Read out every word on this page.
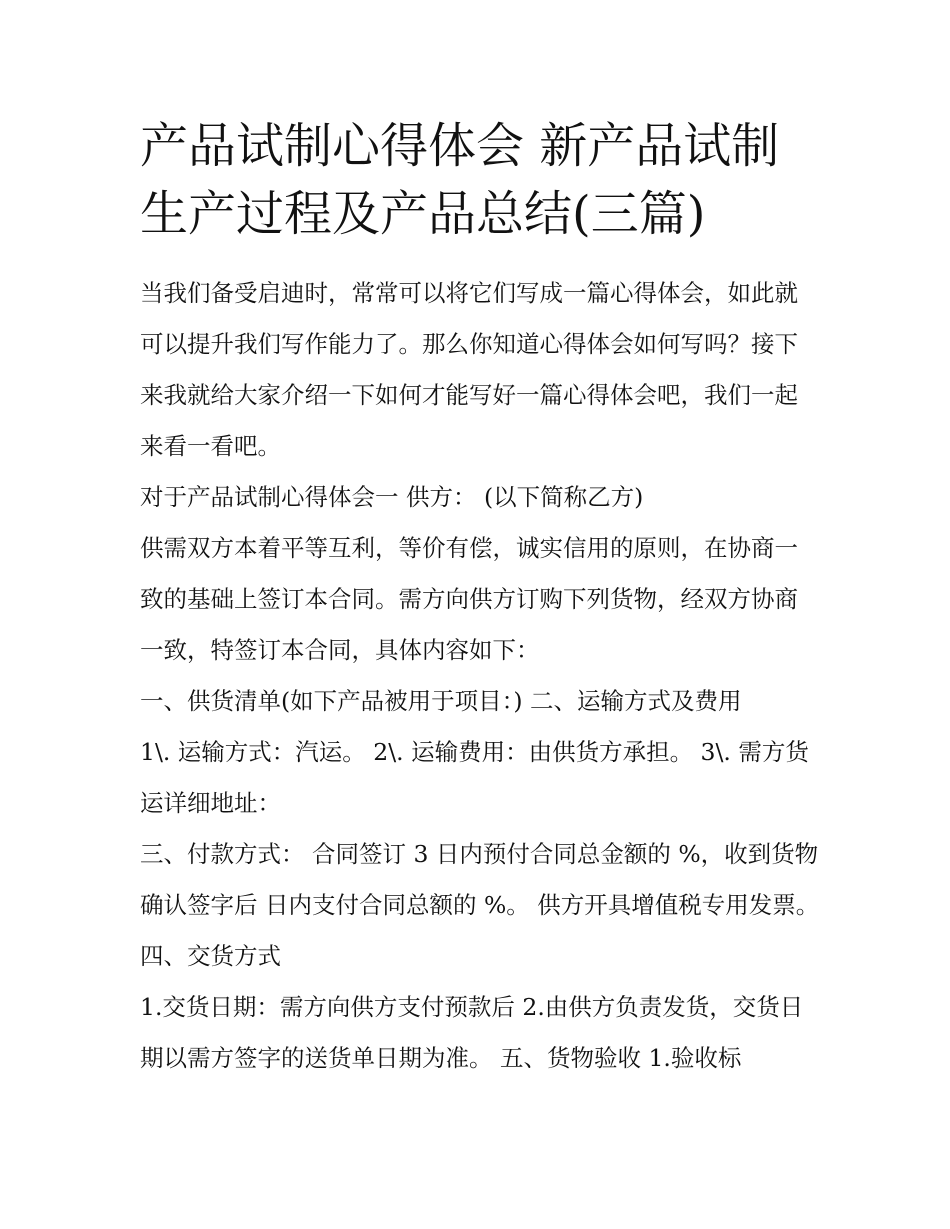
产品试制心得体会 新产品试制生产过程及产品总结(三篇)

当我们备受启迪时，常常可以将它们写成一篇心得体会，如此就可以提升我们写作能力了。那么你知道心得体会如何写吗？接下来我就给大家介绍一下如何才能写好一篇心得体会吧，我们一起来看一看吧。

对于产品试制心得体会一 供方： (以下简称乙方)

供需双方本着平等互利，等价有偿，诚实信用的原则，在协商一致的基础上签订本合同。需方向供方订购下列货物，经双方协商一致，特签订本合同，具体内容如下：

一、供货清单(如下产品被用于项目：) 二、运输方式及费用

1\. 运输方式：汽运。 2\. 运输费用：由供货方承担。 3\. 需方货运详细地址：

三、付款方式： 合同签订 3 日内预付合同总金额的 %，收到货物确认签字后 日内支付合同总额的 %。 供方开具增值税专用发票。 四、交货方式

1.交货日期：需方向供方支付预款后 2.由供方负责发货，交货日期以需方签字的送货单日期为准。 五、货物验收 1.验收标
